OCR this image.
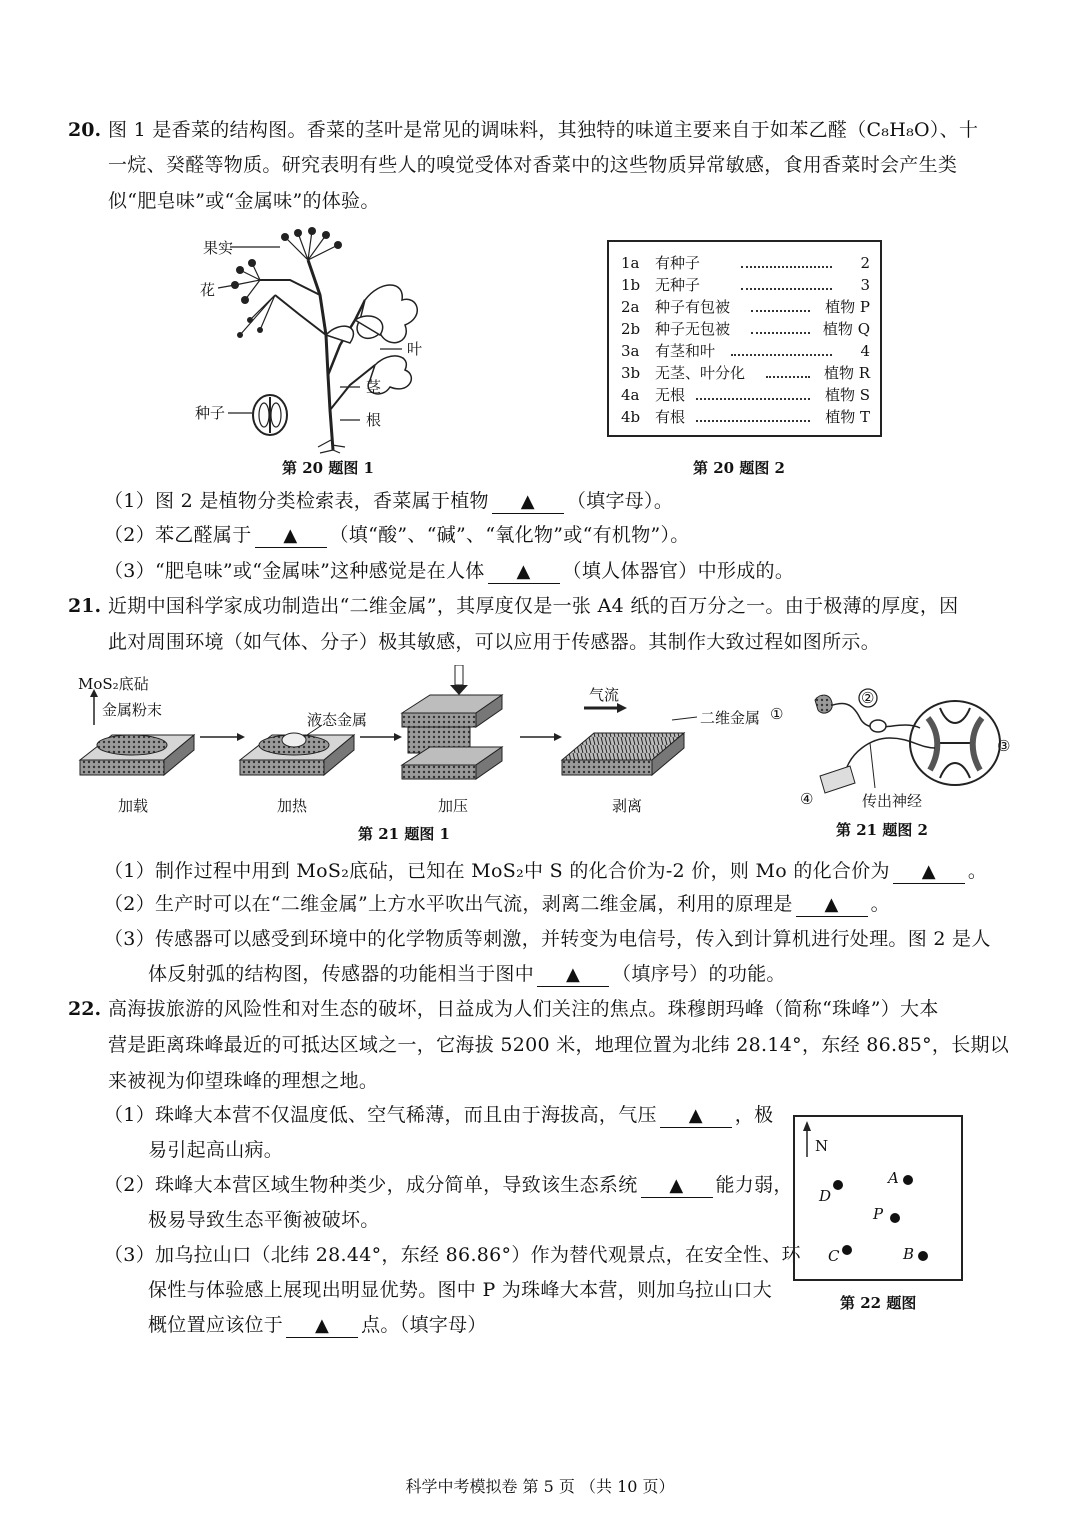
20. 图 1 是香菜的结构图。香菜的茎叶是常见的调味料，其独特的味道主要来自于如苯乙醛（C₈H₈O）、十
一烷、癸醛等物质。研究表明有些人的嗅觉受体对香菜中的这些物质异常敏感，食用香菜时会产生类
似“肥皂味”或“金属味”的体验。
果实
花
叶
茎
种子	根
第 20 题图 1
1a	有种子	2
1b 无种子	3
2a	种子有包被	植物 P
2b 种子无包被	植物 Q
3a	有茎和叶	4
3b 无茎、叶分化	植物 R
4a	无根	植物 S
4b 有根	植物 T
第 20 题图 2
（1）图 2 是植物分类检索表，香菜属于植物 ▲ （填字母）。
（2）苯乙醛属于 ▲ （填“酸”、“碱”、“氧化物”或“有机物”）。
（3）“肥皂味”或“金属味”这种感觉是在人体 ▲ （填人体器官）中形成的。
21. 近期中国科学家成功制造出“二维金属”，其厚度仅是一张 A4 纸的百万分之一。由于极薄的厚度，因
此对周围环境（如气体、分子）极其敏感，可以应用于传感器。其制作大致过程如图所示。
MoS₂底砧
金属粉末
液态金属
气流
二维金属
加载	加热	加压	剥离
第 21 题图 1
①
②
③
④	传出神经
第 21 题图 2
（1）制作过程中用到 MoS₂底砧，已知在 MoS₂中 S 的化合价为-2 价，则 Mo 的化合价为 ▲ 。
（2）生产时可以在“二维金属”上方水平吹出气流，剥离二维金属，利用的原理是 ▲ 。
（3）传感器可以感受到环境中的化学物质等刺激，并转变为电信号，传入到计算机进行处理。图 2 是人
体反射弧的结构图，传感器的功能相当于图中 ▲ （填序号）的功能。
22. 高海拔旅游的风险性和对生态的破坏，日益成为人们关注的焦点。珠穆朗玛峰（简称“珠峰”）大本
营是距离珠峰最近的可抵达区域之一，它海拔 5200 米，地理位置为北纬 28.14°，东经 86.85°，长期以
来被视为仰望珠峰的理想之地。
（1）珠峰大本营不仅温度低、空气稀薄，而且由于海拔高，气压 ▲ ，极
易引起高山病。
（2）珠峰大本营区域生物种类少，成分简单，导致该生态系统 ▲ 能力弱，
极易导致生态平衡被破坏。
（3）加乌拉山口（北纬 28.44°，东经 86.86°）作为替代观景点，在安全性、环
保性与体验感上展现出明显优势。图中 P 为珠峰大本营，则加乌拉山口大
概位置应该位于 ▲ 点。（填字母）
N
A
D
P
C	B
第 22 题图
科学中考模拟卷 第 5 页 （共 10 页）
